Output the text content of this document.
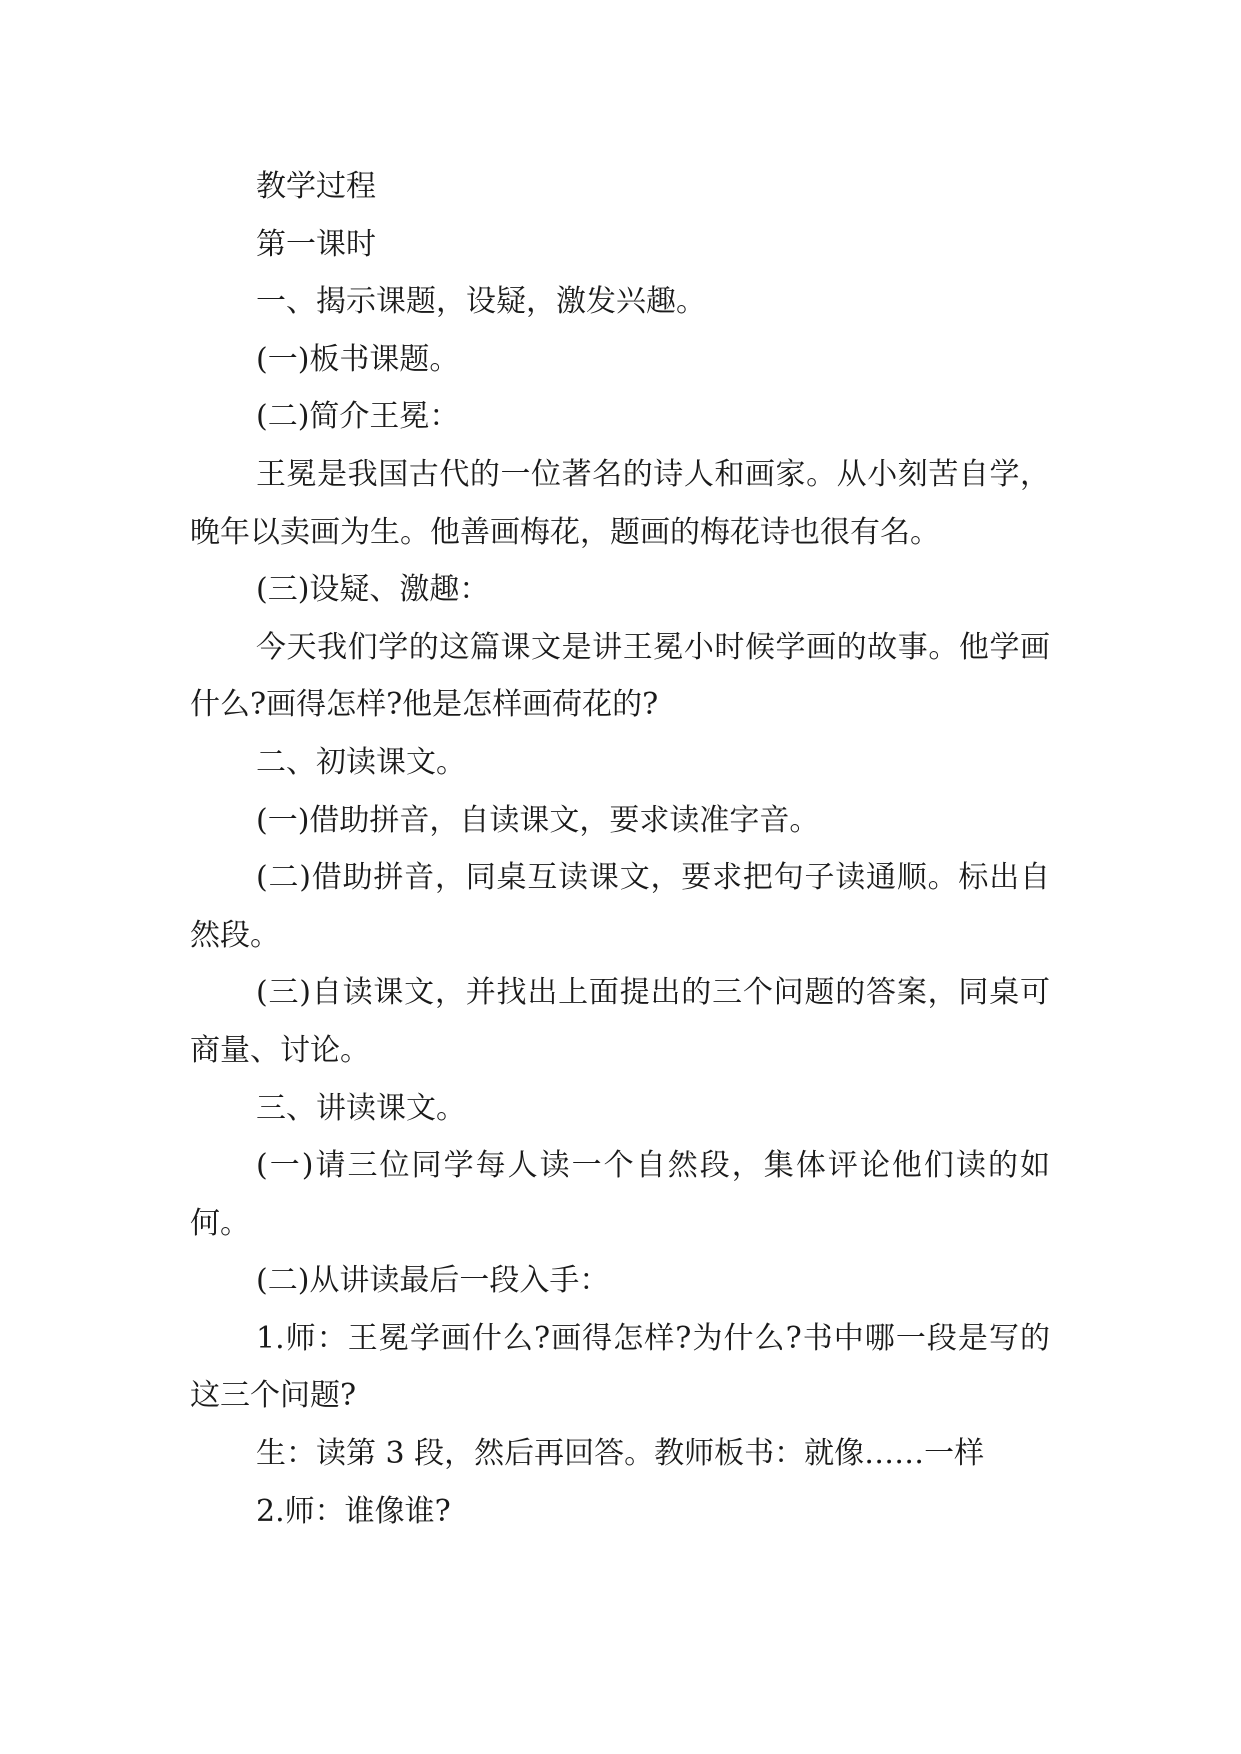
教学过程

第一课时

一、揭示课题，设疑，激发兴趣。

(一)板书课题。

(二)简介王冕：

王冕是我国古代的一位著名的诗人和画家。从小刻苦自学，晚年以卖画为生。他善画梅花，题画的梅花诗也很有名。

(三)设疑、激趣：

今天我们学的这篇课文是讲王冕小时候学画的故事。他学画什么?画得怎样?他是怎样画荷花的?

二、初读课文。

(一)借助拼音，自读课文，要求读准字音。

(二)借助拼音，同桌互读课文，要求把句子读通顺。标出自然段。

(三)自读课文，并找出上面提出的三个问题的答案，同桌可商量、讨论。

三、讲读课文。

(一)请三位同学每人读一个自然段，集体评论他们读的如何。

(二)从讲读最后一段入手：

1.师：王冕学画什么?画得怎样?为什么?书中哪一段是写的这三个问题?

生：读第 3 段，然后再回答。教师板书：就像……一样

2.师：谁像谁?
